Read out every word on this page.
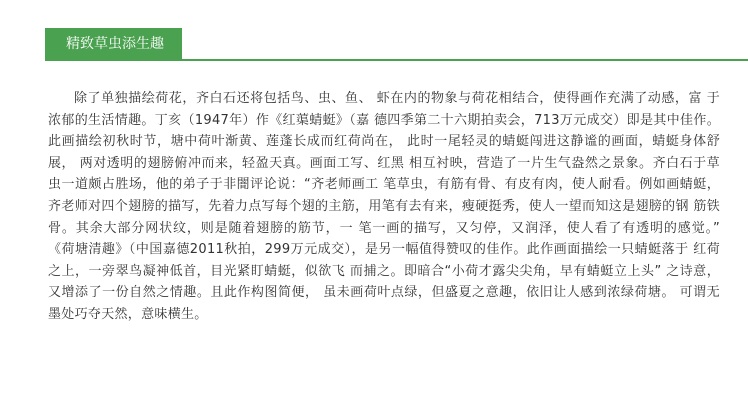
精致草虫添生趣

除了单独描绘荷花，齐白石还将包括鸟、虫、鱼、 虾在内的物象与荷花相结合，使得画作充满了动感，富 于浓郁的生活情趣。丁亥（1947年）作《红蕖蜻蜓》（嘉 德四季第二十六期拍卖会，713万元成交）即是其中佳作。此画描绘初秋时节，塘中荷叶渐黄、莲蓬长成而红荷尚在， 此时一尾轻灵的蜻蜓闯进这静谧的画面，蜻蜓身体舒展， 两对透明的翅膀俯冲而来，轻盈天真。画面工写、红黑 相互衬映，营造了一片生气盎然之景象。齐白石于草虫一道颇占胜场，他的弟子于非闇评论说：“齐老师画工 笔草虫，有筋有骨、有皮有肉，使人耐看。例如画蜻蜓， 齐老师对四个翅膀的描写，先着力点写每个翅的主筋，用笔有去有来，瘦硬挺秀，使人一望而知这是翅膀的钢 筋铁骨。其余大部分网状纹，则是随着翅膀的筋节，一 笔一画的描写，又匀停，又润泽，使人看了有透明的感觉。” 《荷塘清趣》（中国嘉德2011秋拍，299万元成交），是另一幅值得赞叹的佳作。此作画面描绘一只蜻蜓落于 红荷之上，一旁翠鸟凝神低首，目光紧盯蜻蜓，似欲飞 而捕之。即暗合“小荷才露尖尖角，早有蜻蜓立上头” 之诗意，又增添了一份自然之情趣。且此作构图简便， 虽未画荷叶点绿，但盛夏之意趣，依旧让人感到浓绿荷塘。 可谓无墨处巧夺天然，意味横生。
